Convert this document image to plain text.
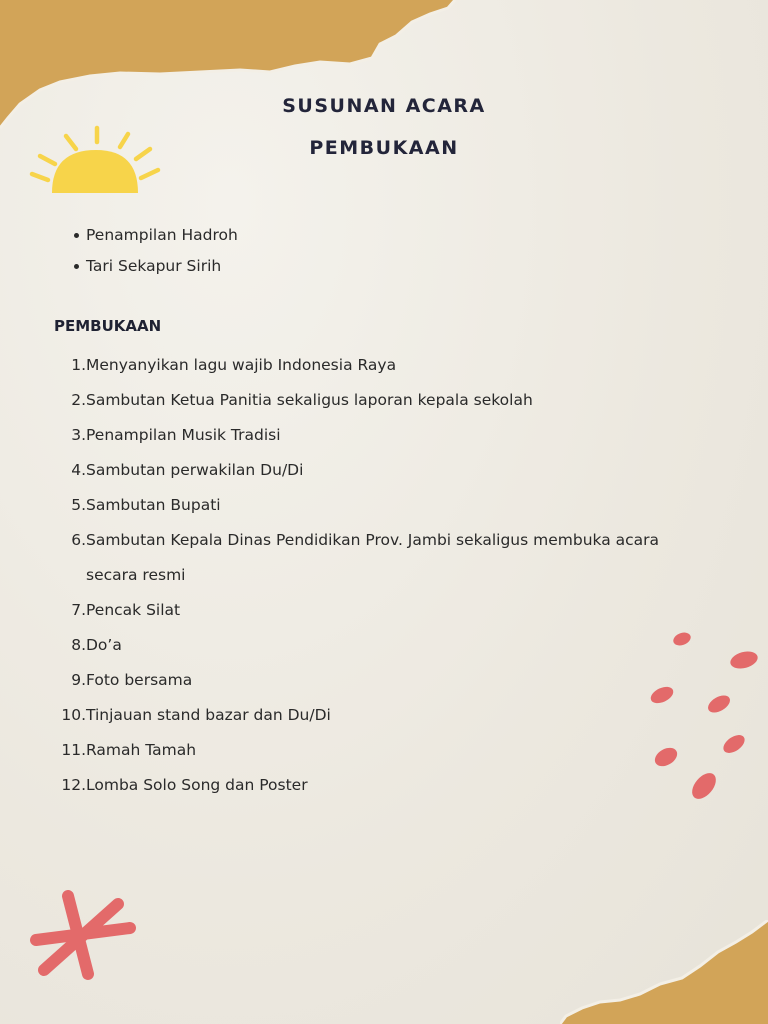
SUSUNAN ACARA
PEMBUKAAN
Penampilan Hadroh
Tari Sekapur Sirih
PEMBUKAAN
1. Menyanyikan lagu wajib Indonesia Raya
2. Sambutan Ketua Panitia sekaligus laporan kepala sekolah
3. Penampilan Musik Tradisi
4. Sambutan perwakilan Du/Di
5. Sambutan Bupati
6. Sambutan Kepala Dinas Pendidikan Prov. Jambi sekaligus membuka acara secara resmi
7. Pencak Silat
8. Do’a
9. Foto bersama
10. Tinjauan stand bazar dan Du/Di
11. Ramah Tamah
12. Lomba Solo Song dan Poster
